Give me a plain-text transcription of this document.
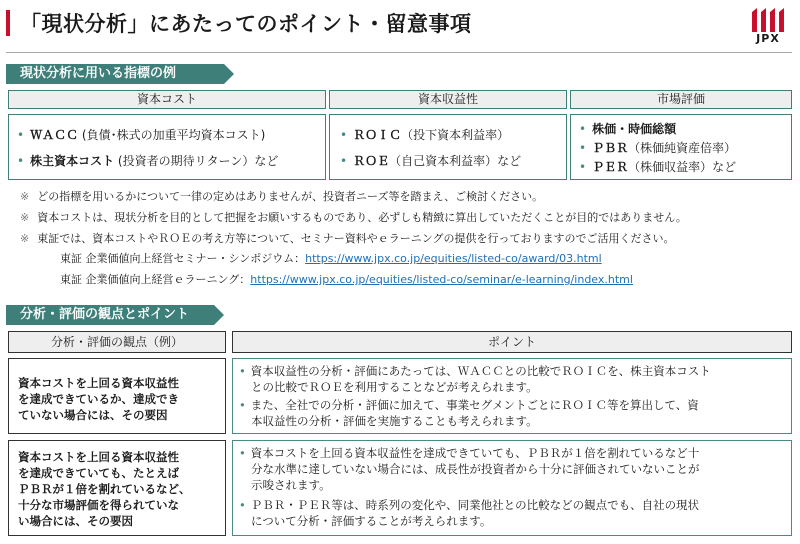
「現状分析」にあたってのポイント・留意事項
JPX
現状分析に用いる指標の例
資本コスト	資本収益性	市場評価
• ＷＡＣＣ (負債･株式の加重平均資本コスト)
• 株主資本コスト (投資者の期待リターン）など
• ＲＯＩＣ（投下資本利益率）
• ＲＯＥ（自己資本利益率）など
• 株価・時価総額
• ＰＢＲ（株価純資産倍率）
• ＰＥＲ（株価収益率）など
※ どの指標を用いるかについて一律の定めはありませんが、投資者ニーズ等を踏まえ、ご検討ください。
※ 資本コストは、現状分析を目的として把握をお願いするものであり、必ずしも精緻に算出していただくことが目的ではありません。
※ 東証では、資本コストやＲＯＥの考え方等について、セミナー資料やｅラーニングの提供を行っておりますのでご活用ください。
東証 企業価値向上経営セミナー・シンポジウム：https://www.jpx.co.jp/equities/listed-co/award/03.html
東証 企業価値向上経営ｅラーニング：https://www.jpx.co.jp/equities/listed-co/seminar/e-learning/index.html
分析・評価の観点とポイント
分析・評価の観点（例）	ポイント
資本コストを上回る資本収益性
を達成できているか、達成でき
ていない場合には、その要因
• 資本収益性の分析・評価にあたっては、ＷＡＣＣとの比較でＲＯＩＣを、株主資本コスト
との比較でＲＯＥを利用することなどが考えられます。
• また、全社での分析・評価に加えて、事業セグメントごとにＲＯＩＣ等を算出して、資
本収益性の分析・評価を実施することも考えられます。
資本コストを上回る資本収益性
を達成できていても、たとえば
ＰＢＲが１倍を割れているなど、
十分な市場評価を得られていな
い場合には、その要因
• 資本コストを上回る資本収益性を達成できていても、ＰＢＲが１倍を割れているなど十
分な水準に達していない場合には、成長性が投資者から十分に評価されていないことが
示唆されます。
• ＰＢＲ・ＰＥＲ等は、時系列の変化や、同業他社との比較などの観点でも、自社の現状
について分析・評価することが考えられます。
